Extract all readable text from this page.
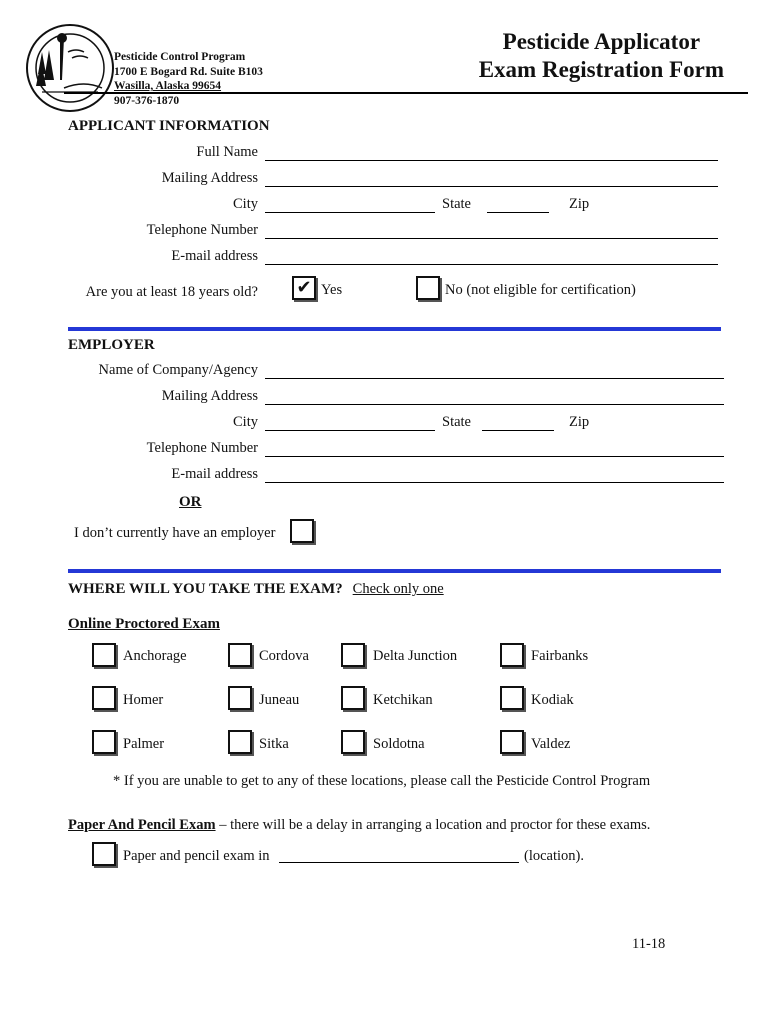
Pesticide Control Program
1700 E Bogard Rd. Suite B103
Wasilla, Alaska 99654
907-376-1870
Pesticide Applicator
Exam Registration Form
APPLICANT INFORMATION
Full Name
Mailing Address
City	State	Zip
Telephone Number
E-mail address
Are you at least 18 years old? ✔ Yes	No (not eligible for certification)
EMPLOYER
Name of Company/Agency
Mailing Address
City	State	Zip
Telephone Number
E-mail address
OR
I don’t currently have an employer
WHERE WILL YOU TAKE THE EXAM? Check only one
Online Proctored Exam
Anchorage	Cordova	Delta Junction	Fairbanks
Homer	Juneau	Ketchikan	Kodiak
Palmer	Sitka	Soldotna	Valdez
* If you are unable to get to any of these locations, please call the Pesticide Control Program
Paper And Pencil Exam – there will be a delay in arranging a location and proctor for these exams.
Paper and pencil exam in	(location).
11-18
